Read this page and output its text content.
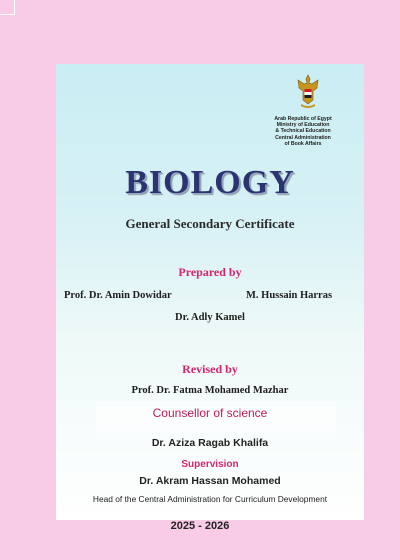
Arab Republic of Egypt
Ministry of Education
& Technical Education
Central Administration
of Book Affairs
BIOLOGY
General Secondary Certificate
Prepared by
Prof. Dr. Amin Dowidar	M. Hussain Harras
Dr. Adly Kamel
Revised by
Prof. Dr. Fatma Mohamed Mazhar
Counsellor of science
Dr. Aziza Ragab Khalifa
Supervision
Dr. Akram Hassan Mohamed
Head of the Central Administration for Curriculum Development
2025 - 2026
